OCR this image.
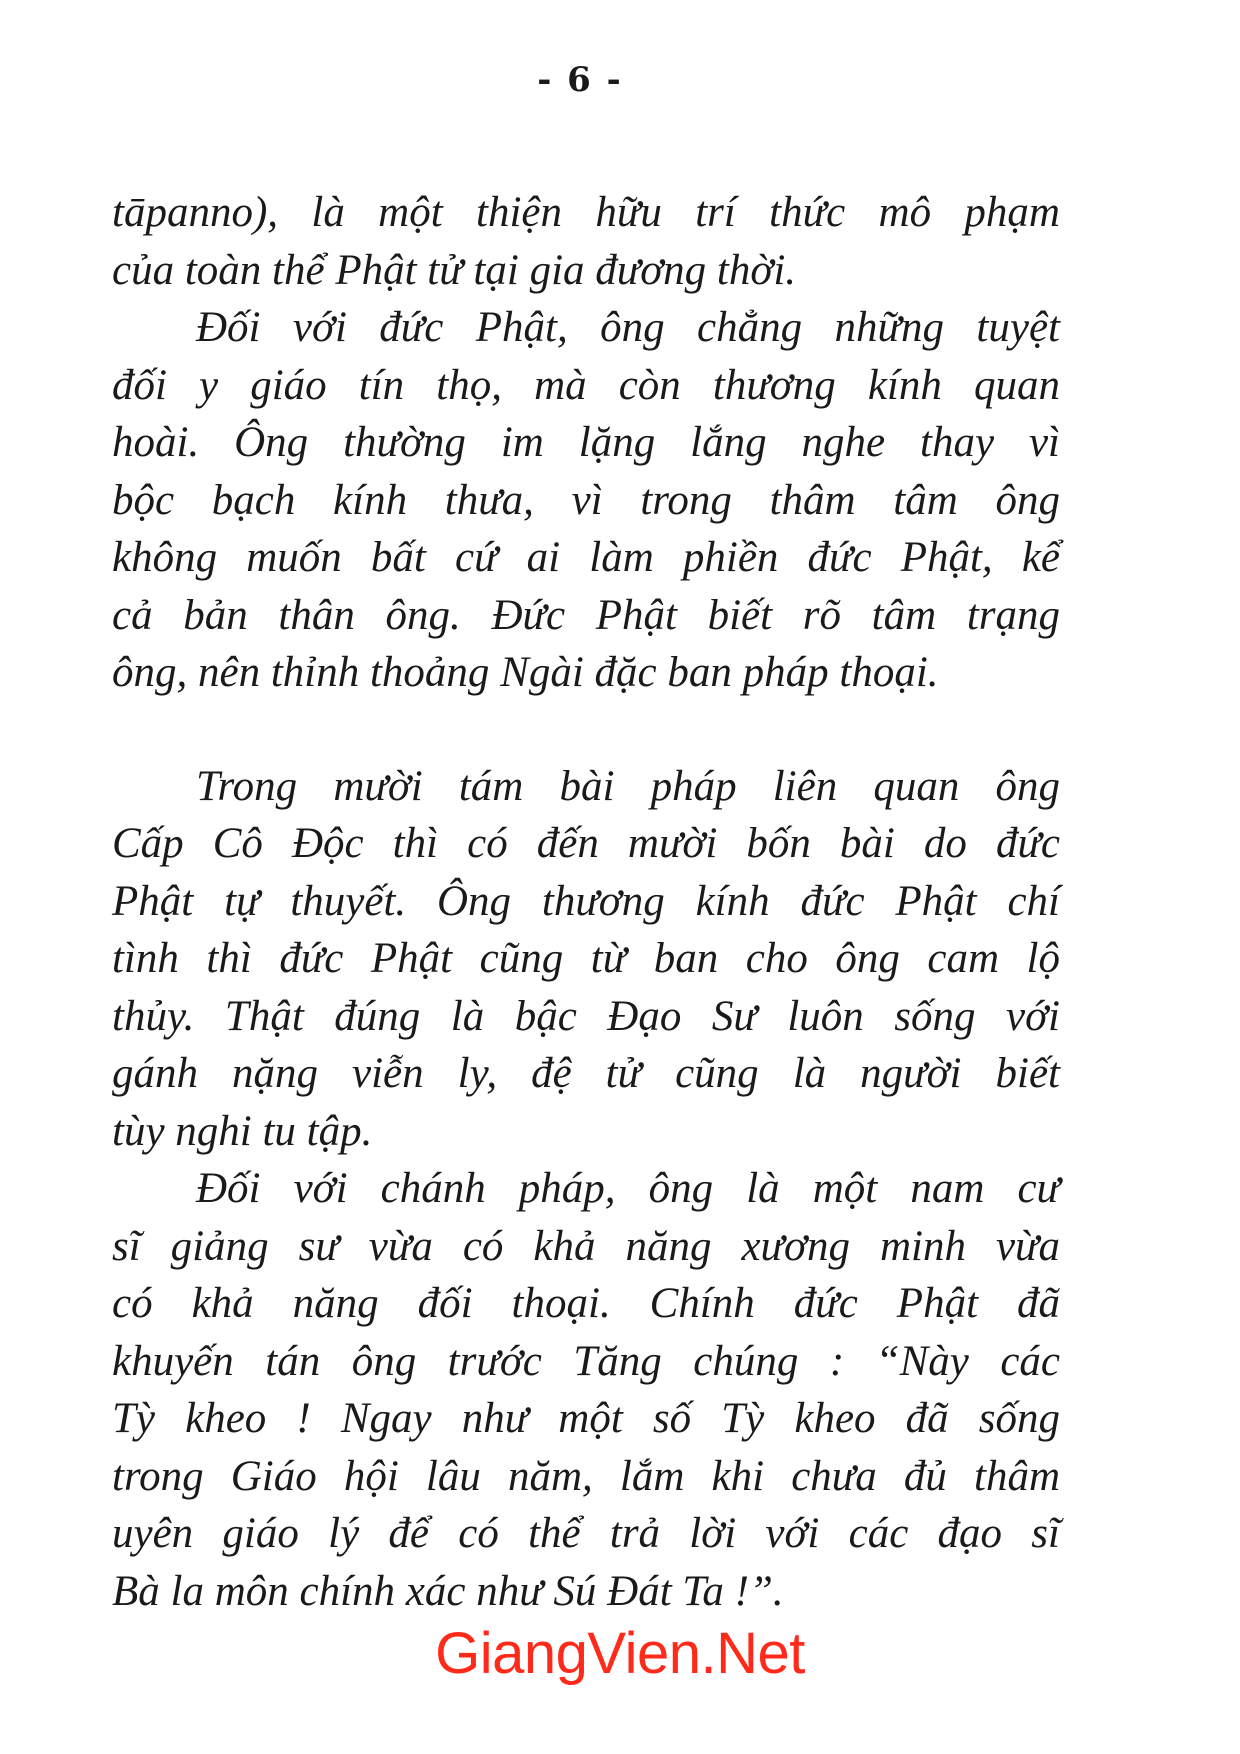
- 6 -

tāpanno), là một thiện hữu trí thức mô phạm
của toàn thể Phật tử tại gia đương thời.

Đối với đức Phật, ông chẳng những tuyệt
đối y giáo tín thọ, mà còn thương kính quan
hoài. Ông thường im lặng lắng nghe thay vì
bộc bạch kính thưa, vì trong thâm tâm ông
không muốn bất cứ ai làm phiền đức Phật, kể
cả bản thân ông. Đức Phật biết rõ tâm trạng
ông, nên thỉnh thoảng Ngài đặc ban pháp thoại.

Trong mười tám bài pháp liên quan ông
Cấp Cô Độc thì có đến mười bốn bài do đức
Phật tự thuyết. Ông thương kính đức Phật chí
tình thì đức Phật cũng từ ban cho ông cam lộ
thủy. Thật đúng là bậc Đạo Sư luôn sống với
gánh nặng viễn ly, đệ tử cũng là người biết
tùy nghi tu tập.

Đối với chánh pháp, ông là một nam cư
sĩ giảng sư vừa có khả năng xương minh vừa
có khả năng đối thoại. Chính đức Phật đã
khuyến tán ông trước Tăng chúng : “Này các
Tỳ kheo ! Ngay như một số Tỳ kheo đã sống
trong Giáo hội lâu năm, lắm khi chưa đủ thâm
uyên giáo lý để có thể trả lời với các đạo sĩ
Bà la môn chính xác như Sú Đát Ta !”.

GiangVien.Net
